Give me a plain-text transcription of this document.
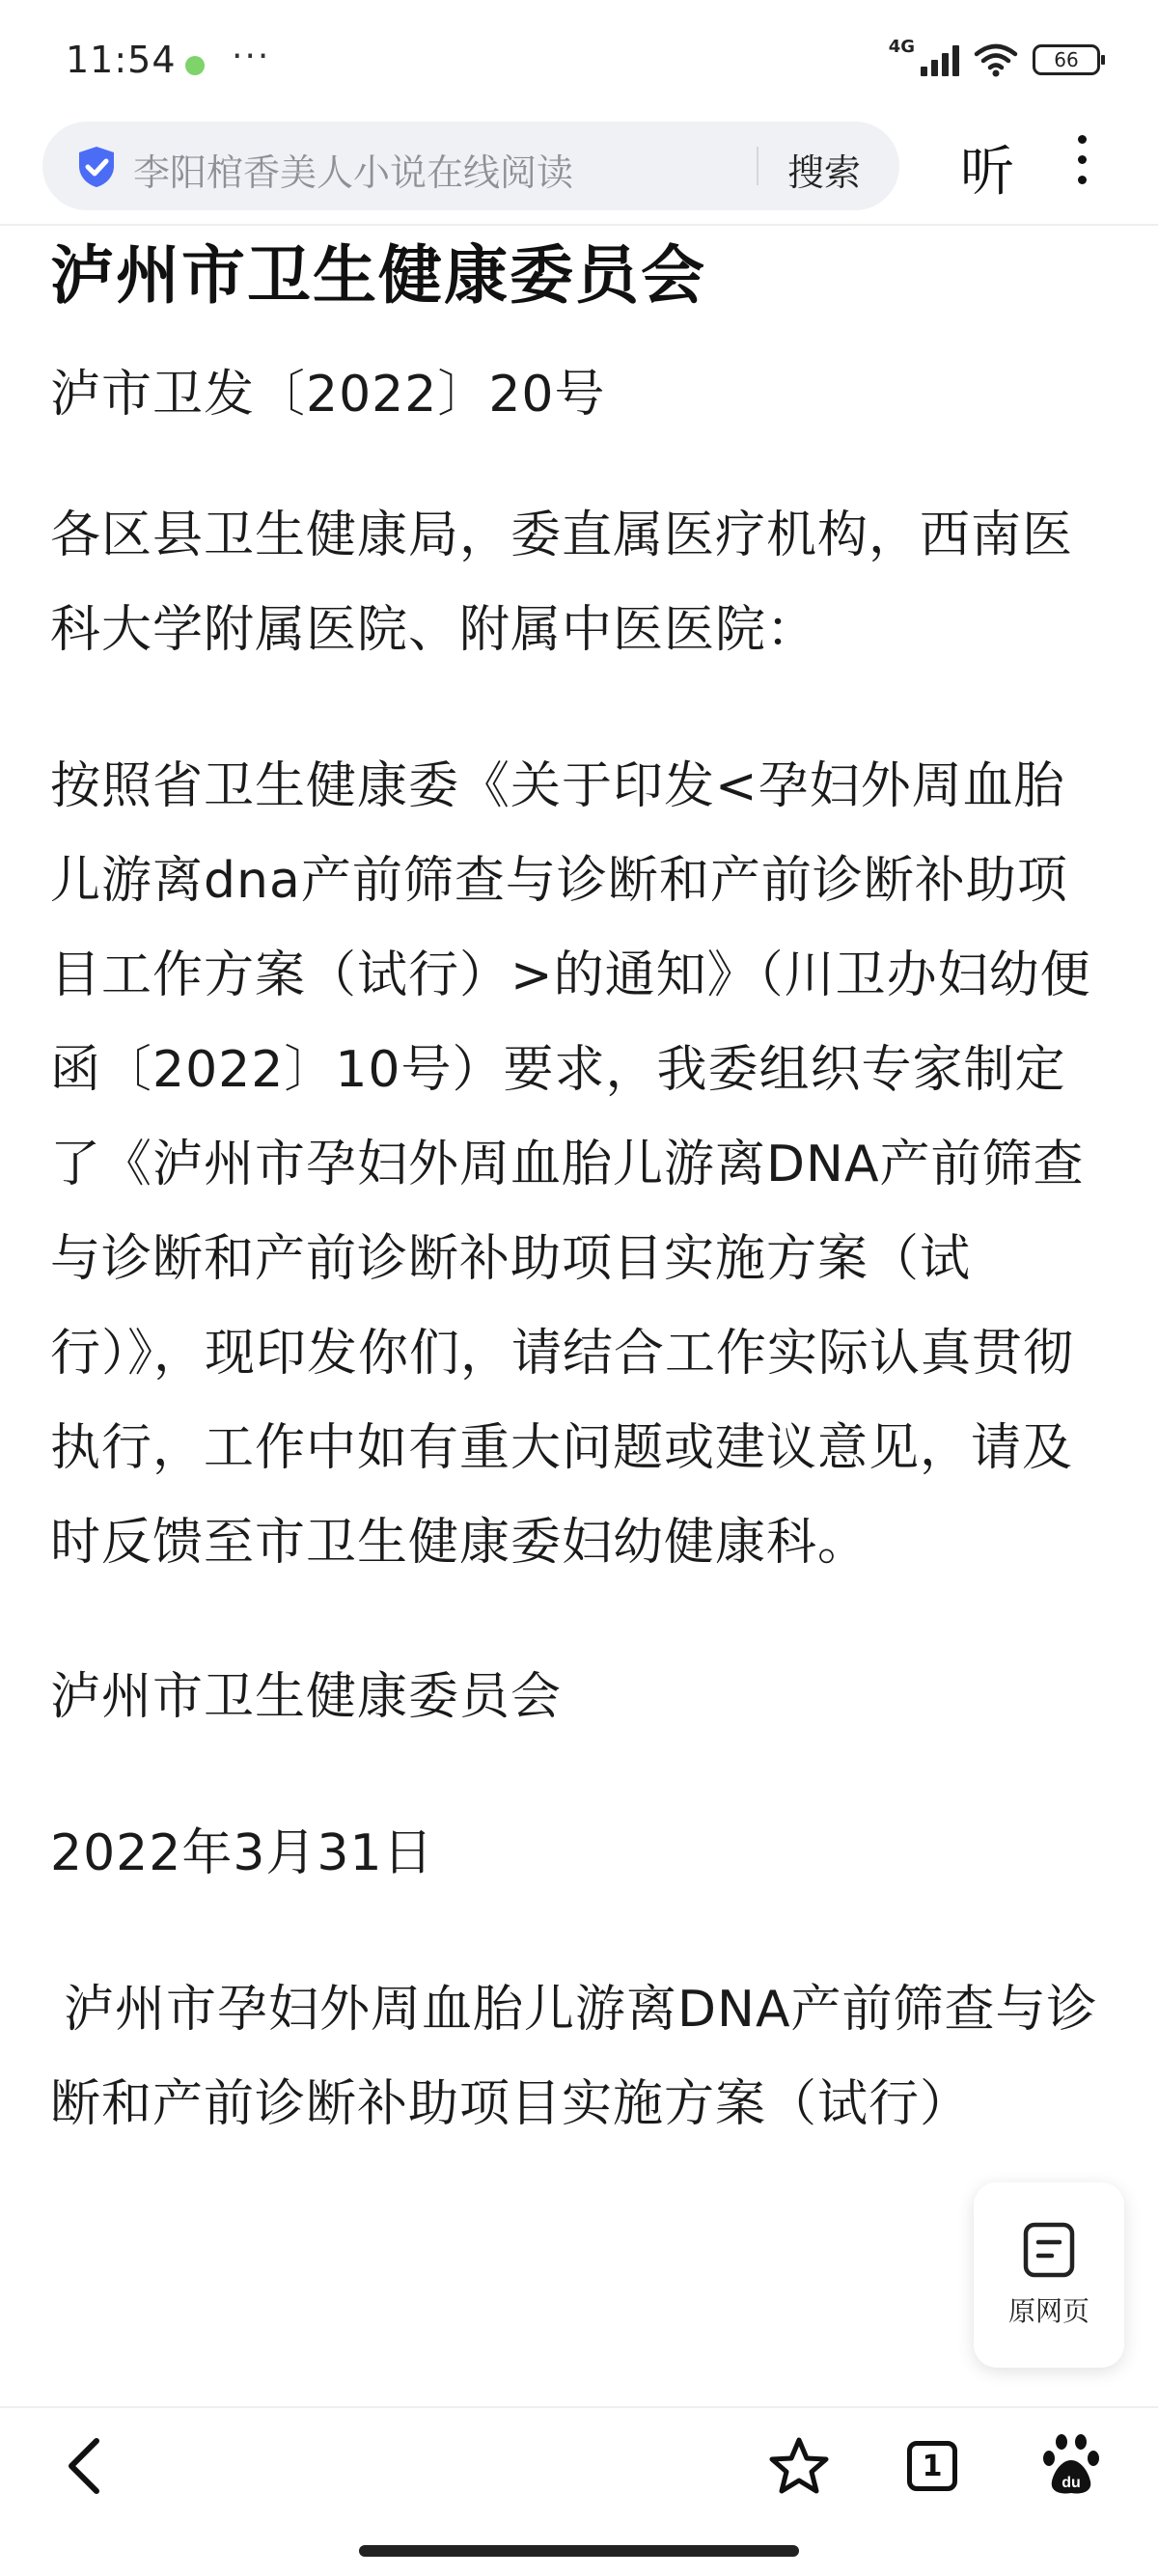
11:54 ···	4G
66
李阳棺香美人小说在线阅读	搜索 听
泸州市卫生健康委员会

泸市卫发〔2022〕20号

各区县卫生健康局，委直属医疗机构，西南医科大学附属医院、附属中医医院：

按照省卫生健康委《关于印发<孕妇外周血胎儿游离dna产前筛查与诊断和产前诊断补助项目工作方案（试行）>的通知》（川卫办妇幼便函〔2022〕10号）要求，我委组织专家制定了《泸州市孕妇外周血胎儿游离DNA产前筛查与诊断和产前诊断补助项目实施方案（试行）》，现印发你们，请结合工作实际认真贯彻执行，工作中如有重大问题或建议意见，请及时反馈至市卫生健康委妇幼健康科。

泸州市卫生健康委员会

2022年3月31日

泸州市孕妇外周血胎儿游离DNA产前筛查与诊断和产前诊断补助项目实施方案（试行）

原网页
1	du
